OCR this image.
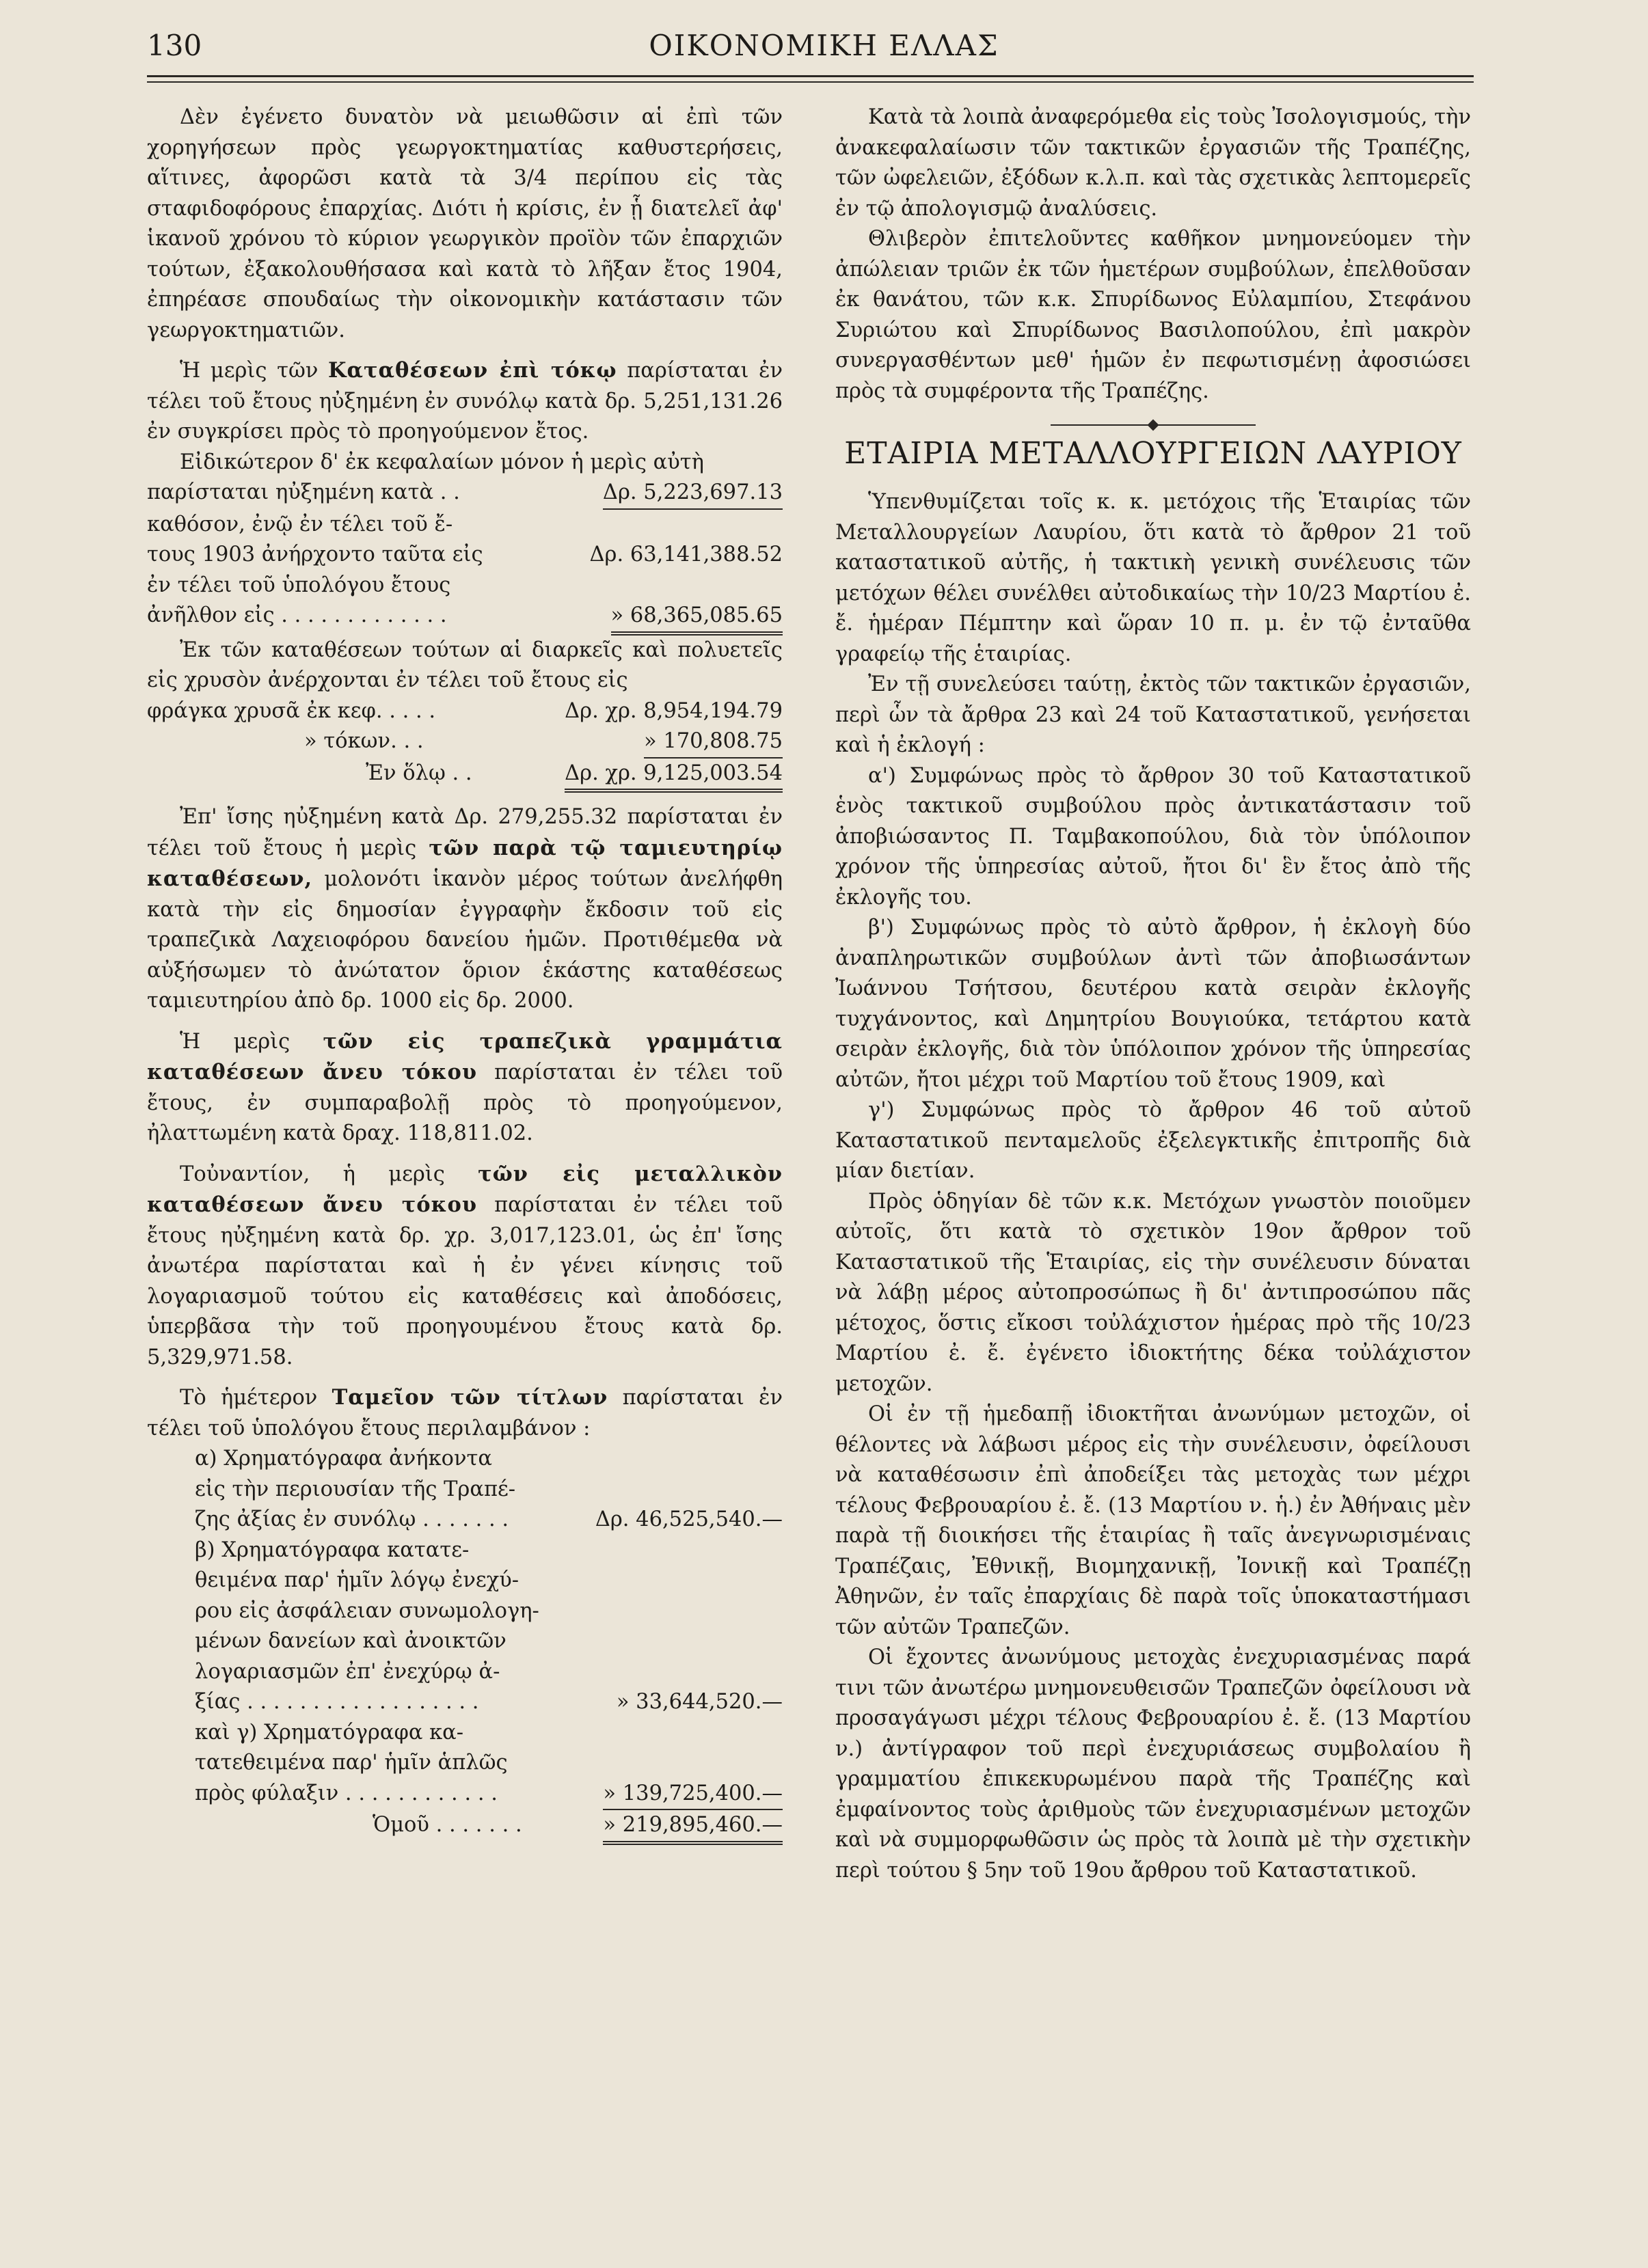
130	ΟΙΚΟΝΟΜΙΚΗ ΕΛΛΑΣ

Δὲν ἐγένετο δυνατὸν νὰ μειωθῶσιν αἱ ἐπὶ τῶν χορηγήσεων πρὸς γεωργοκτηματίας καθυστερήσεις, αἵτινες, ἀφορῶσι κατὰ τὰ 3/4 περίπου εἰς τὰς σταφιδοφόρους ἐπαρχίας. Διότι ἡ κρίσις, ἐν ᾗ διατελεῖ ἀφ' ἱκανοῦ χρόνου τὸ κύριον γεωργικὸν προϊὸν τῶν ἐπαρχιῶν τούτων, ἐξακολουθήσασα καὶ κατὰ τὸ λῆξαν ἔτος 1904, ἐπηρέασε σπουδαίως τὴν οἰκονομικὴν κατάστασιν τῶν γεωργοκτηματιῶν.

Ἡ μερὶς τῶν Καταθέσεων ἐπὶ τόκῳ παρίσταται ἐν τέλει τοῦ ἔτους ηὐξημένη ἐν συνόλῳ κατὰ δρ. 5,251,131.26 ἐν συγκρίσει πρὸς τὸ προηγούμενον ἔτος.

Εἰδικώτερον δ' ἐκ κεφαλαίων μόνον ἡ μερὶς αὐτὴ

παρίσταται ηὐξημένη κατὰ . .	Δρ. 5,223,697.13
καθόσον, ἐνῷ ἐν τέλει τοῦ ἔ-
τους 1903 ἀνήρχοντο ταῦτα εἰς	Δρ. 63,141,388.52
ἐν τέλει τοῦ ὑπολόγου ἔτους
ἀνῆλθον εἰς . . . . . . . . . . . . .	» 68,365,085.65

Ἐκ τῶν καταθέσεων τούτων αἱ διαρκεῖς καὶ πολυετεῖς εἰς χρυσὸν ἀνέρχονται ἐν τέλει τοῦ ἔτους εἰς

φράγκα χρυσᾶ ἐκ κεφ. . . . .	Δρ. χρ. 8,954,194.79
» τόκων. . .	» 170,808.75
Ἐν ὅλῳ . .	Δρ. χρ. 9,125,003.54

Ἐπ' ἴσης ηὐξημένη κατὰ Δρ. 279,255.32 παρίσταται ἐν τέλει τοῦ ἔτους ἡ μερὶς τῶν παρὰ τῷ ταμιευτηρίῳ καταθέσεων, μολονότι ἱκανὸν μέρος τούτων ἀνελήφθη κατὰ τὴν εἰς δημοσίαν ἐγγραφὴν ἔκδοσιν τοῦ εἰς τραπεζικὰ Λαχειοφόρου δανείου ἡμῶν. Προτιθέμεθα νὰ αὐξήσωμεν τὸ ἀνώτατον ὅριον ἑκάστης καταθέσεως ταμιευτηρίου ἀπὸ δρ. 1000 εἰς δρ. 2000.

Ἡ μερὶς τῶν εἰς τραπεζικὰ γραμμάτια καταθέσεων ἄνευ τόκου παρίσταται ἐν τέλει τοῦ ἔτους, ἐν συμπαραβολῇ πρὸς τὸ προηγούμενον, ἠλαττωμένη κατὰ δραχ. 118,811.02.

Τοὐναντίον, ἡ μερὶς τῶν εἰς μεταλλικὸν καταθέσεων ἄνευ τόκου παρίσταται ἐν τέλει τοῦ ἔτους ηὐξημένη κατὰ δρ. χρ. 3,017,123.01, ὡς ἐπ' ἴσης ἀνωτέρα παρίσταται καὶ ἡ ἐν γένει κίνησις τοῦ λογαριασμοῦ τούτου εἰς καταθέσεις καὶ ἀποδόσεις, ὑπερβᾶσα τὴν τοῦ προηγουμένου ἔτους κατὰ δρ. 5,329,971.58.

Τὸ ἡμέτερον Ταμεῖον τῶν τίτλων παρίσταται ἐν τέλει τοῦ ὑπολόγου ἔτους περιλαμβάνον :

α) Χρηματόγραφα ἀνήκοντα

εἰς τὴν περιουσίαν τῆς Τραπέ-

ζης ἀξίας ἐν συνόλῳ . . . . . . .	Δρ. 46,525,540.—

β) Χρηματόγραφα κατατε-

θειμένα παρ' ἡμῖν λόγῳ ἐνεχύ-

ρου εἰς ἀσφάλειαν συνωμολογη-

μένων δανείων καὶ ἀνοικτῶν

λογαριασμῶν ἐπ' ἐνεχύρῳ ἀ-

ξίας . . . . . . . . . . . . . . . . . .	» 33,644,520.—

καὶ γ) Χρηματόγραφα κα-

τατεθειμένα παρ' ἡμῖν ἁπλῶς

πρὸς φύλαξιν . . . . . . . . . . . .	» 139,725,400.—
Ὁμοῦ . . . . . . .	» 219,895,460.—

Κατὰ τὰ λοιπὰ ἀναφερόμεθα εἰς τοὺς Ἰσολογισμούς, τὴν ἀνακεφαλαίωσιν τῶν τακτικῶν ἐργασιῶν τῆς Τραπέζης, τῶν ὠφελειῶν, ἐξόδων κ.λ.π. καὶ τὰς σχετικὰς λεπτομερεῖς ἐν τῷ ἀπολογισμῷ ἀναλύσεις.

Θλιβερὸν ἐπιτελοῦντες καθῆκον μνημονεύομεν τὴν ἀπώλειαν τριῶν ἐκ τῶν ἡμετέρων συμβούλων, ἐπελθοῦσαν ἐκ θανάτου, τῶν κ.κ. Σπυρίδωνος Εὐλαμπίου, Στεφάνου Συριώτου καὶ Σπυρίδωνος Βασιλοπούλου, ἐπὶ μακρὸν συνεργασθέντων μεθ' ἡμῶν ἐν πεφωτισμένῃ ἀφοσιώσει πρὸς τὰ συμφέροντα τῆς Τραπέζης.

ΕΤΑΙΡΙΑ ΜΕΤΑΛΛΟΥΡΓΕΙΩΝ ΛΑΥΡΙΟΥ

Ὑπενθυμίζεται τοῖς κ. κ. μετόχοις τῆς Ἑταιρίας τῶν Μεταλλουργείων Λαυρίου, ὅτι κατὰ τὸ ἄρθρον 21 τοῦ καταστατικοῦ αὐτῆς, ἡ τακτικὴ γενικὴ συνέλευσις τῶν μετόχων θέλει συνέλθει αὐτοδικαίως τὴν 10/23 Μαρτίου ἐ. ἔ. ἡμέραν Πέμπτην καὶ ὥραν 10 π. μ. ἐν τῷ ἐνταῦθα γραφείῳ τῆς ἑταιρίας.

Ἐν τῇ συνελεύσει ταύτῃ, ἐκτὸς τῶν τακτικῶν ἐργασιῶν, περὶ ὧν τὰ ἄρθρα 23 καὶ 24 τοῦ Καταστατικοῦ, γενήσεται καὶ ἡ ἐκλογή :

α') Συμφώνως πρὸς τὸ ἄρθρον 30 τοῦ Καταστατικοῦ ἑνὸς τακτικοῦ συμβούλου πρὸς ἀντικατάστασιν τοῦ ἀποβιώσαντος Π. Ταμβακοπούλου, διὰ τὸν ὑπόλοιπον χρόνον τῆς ὑπηρεσίας αὐτοῦ, ἤτοι δι' ἓν ἔτος ἀπὸ τῆς ἐκλογῆς του.

β') Συμφώνως πρὸς τὸ αὐτὸ ἄρθρον, ἡ ἐκλογὴ δύο ἀναπληρωτικῶν συμβούλων ἀντὶ τῶν ἀποβιωσάντων Ἰωάννου Τσήτσου, δευτέρου κατὰ σειρὰν ἐκλογῆς τυχγάνοντος, καὶ Δημητρίου Βουγιούκα, τετάρτου κατὰ σειρὰν ἐκλογῆς, διὰ τὸν ὑπόλοιπον χρόνον τῆς ὑπηρεσίας αὐτῶν, ἤτοι μέχρι τοῦ Μαρτίου τοῦ ἔτους 1909, καὶ

γ') Συμφώνως πρὸς τὸ ἄρθρον 46 τοῦ αὐτοῦ Καταστατικοῦ πενταμελοῦς ἐξελεγκτικῆς ἐπιτροπῆς διὰ μίαν διετίαν.

Πρὸς ὁδηγίαν δὲ τῶν κ.κ. Μετόχων γνωστὸν ποιοῦμεν αὐτοῖς, ὅτι κατὰ τὸ σχετικὸν 19ον ἄρθρον τοῦ Καταστατικοῦ τῆς Ἑταιρίας, εἰς τὴν συνέλευσιν δύναται νὰ λάβῃ μέρος αὐτοπροσώπως ἢ δι' ἀντιπροσώπου πᾶς μέτοχος, ὅστις εἴκοσι τοὐλάχιστον ἡμέρας πρὸ τῆς 10/23 Μαρτίου ἐ. ἔ. ἐγένετο ἰδιοκτήτης δέκα τοὐλάχιστον μετοχῶν.

Οἱ ἐν τῇ ἡμεδαπῇ ἰδιοκτῆται ἀνωνύμων μετοχῶν, οἱ θέλοντες νὰ λάβωσι μέρος εἰς τὴν συνέλευσιν, ὀφείλουσι νὰ καταθέσωσιν ἐπὶ ἀποδείξει τὰς μετοχὰς των μέχρι τέλους Φεβρουαρίου ἐ. ἔ. (13 Μαρτίου ν. ἡ.) ἐν Ἀθήναις μὲν παρὰ τῇ διοικήσει τῆς ἑταιρίας ἢ ταῖς ἀνεγνωρισμέναις Τραπέζαις, Ἐθνικῇ, Βιομηχανικῇ, Ἰονικῇ καὶ Τραπέζῃ Ἀθηνῶν, ἐν ταῖς ἐπαρχίαις δὲ παρὰ τοῖς ὑποκαταστήμασι τῶν αὐτῶν Τραπεζῶν.

Οἱ ἔχοντες ἀνωνύμους μετοχὰς ἐνεχυριασμένας παρά τινι τῶν ἀνωτέρω μνημονευθεισῶν Τραπεζῶν ὀφείλουσι νὰ προσαγάγωσι μέχρι τέλους Φεβρουαρίου ἐ. ἔ. (13 Μαρτίου ν.) ἀντίγραφον τοῦ περὶ ἐνεχυριάσεως συμβολαίου ἢ γραμματίου ἐπικεκυρωμένου παρὰ τῆς Τραπέζης καὶ ἐμφαίνοντος τοὺς ἀριθμοὺς τῶν ἐνεχυριασμένων μετοχῶν καὶ νὰ συμμορφωθῶσιν ὡς πρὸς τὰ λοιπὰ μὲ τὴν σχετικὴν περὶ τούτου § 5ην τοῦ 19ου ἄρθρου τοῦ Καταστατικοῦ.
